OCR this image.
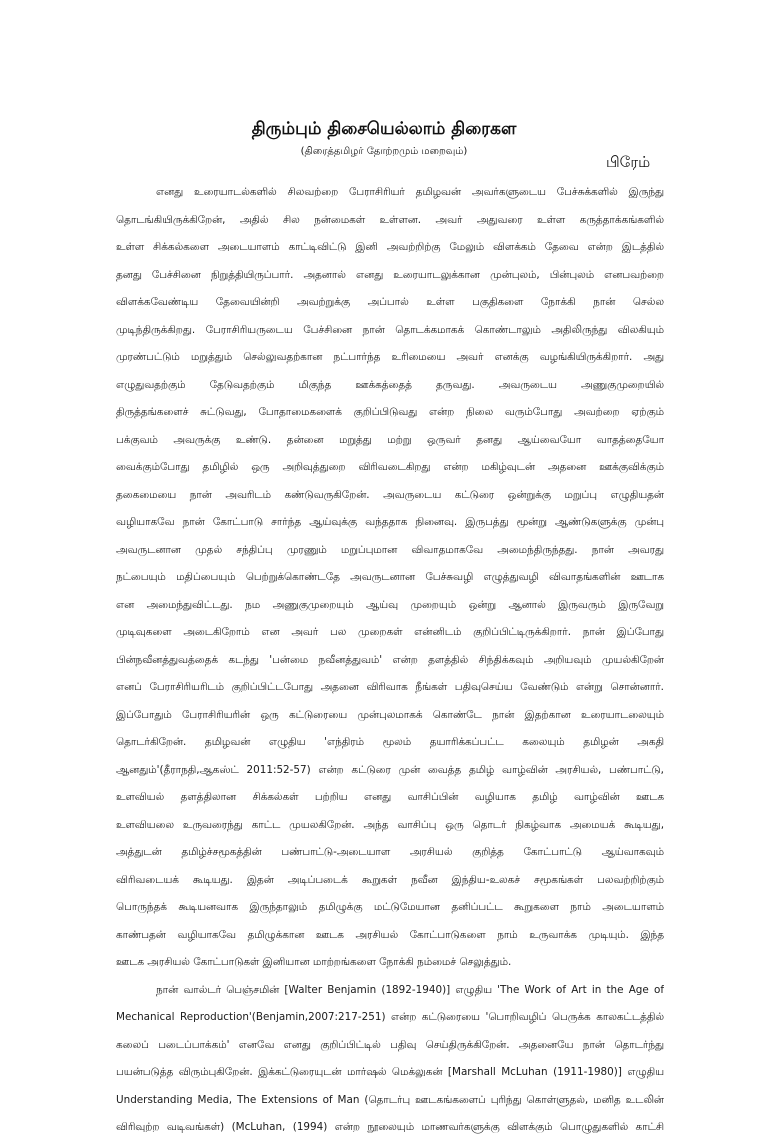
திரும்பும் திசையெல்லாம் திரைகள
(திரைத்தமிழர் தோற்றமும் மறைவும்)
பிரேம்
எனது உரையாடல்களில் சிலவற்றை பேராசிரியர் தமிழவன் அவர்களுடைய பேச்சுக்களில் இருந்து
தொடங்கியிருக்கிறேன், அதில் சில நன்மைகள் உள்ளன. அவர் அதுவரை உள்ள கருத்தாக்கங்களில்
உள்ள சிக்கல்களை அடையாளம் காட்டிவிட்டு இனி அவற்றிற்கு மேலும் விளக்கம் தேவை என்ற இடத்தில்
தனது பேச்சினை நிறுத்தியிருப்பார். அதனால் எனது உரையாடலுக்கான முன்புலம், பின்புலம் எனபவற்றை
விளக்கவேண்டிய தேவையின்றி அவற்றுக்கு அப்பால் உள்ள பகுதிகளை நோக்கி நான் செல்ல
முடிந்திருக்கிறது. பேராசிரியருடைய பேச்சினை நான் தொடக்கமாகக் கொண்டாலும் அதிலிருந்து விலகியும்
முரண்பட்டும் மறுத்தும் செல்லுவதற்கான நட்பார்ந்த உரிமையை அவர் எனக்கு வழங்கியிருக்கிறார். அது
எழுதுவதற்கும் தேடுவதற்கும் மிகுந்த ஊக்கத்தைத் தருவது. அவருடைய அணுகுமுறையில்
திருத்தங்களைச் சுட்டுவது, போதாமைகளைக் குறிப்பிடுவது என்ற நிலை வரும்போது அவற்றை ஏற்கும்
பக்குவம் அவருக்கு உண்டு. தன்னை மறுத்து மற்று ஒருவர் தனது ஆய்வையோ வாதத்தையோ
வைக்கும்போது தமிழில் ஒரு அறிவுத்துறை விரிவடைகிறது என்ற மகிழ்வுடன் அதனை ஊக்குவிக்கும்
தகைமையை நான் அவரிடம் கண்டுவருகிறேன். அவருடைய கட்டுரை ஒன்றுக்கு மறுப்பு எழுதியதன்
வழியாகவே நான் கோட்பாடு சார்ந்த ஆய்வுக்கு வந்ததாக நினைவு. இருபத்து மூன்று ஆண்டுகளுக்கு முன்பு
அவருடனான முதல் சந்திப்பு முரணும் மறுப்புமான விவாதமாகவே அமைந்திருந்தது. நான் அவரது
நட்பையும் மதிப்பையும் பெற்றுக்கொண்டதே அவருடனான பேச்சுவழி எழுத்துவழி விவாதங்களின் ஊடாக
என அமைந்துவிட்டது. நம அணுகுமுறையும் ஆய்வு முறையும் ஒன்று ஆனால் இருவரும் இருவேறு
முடிவுகளை அடைகிறோம் என அவர் பல முறைகள் என்னிடம் குறிப்பிட்டிருக்கிறார். நான் இப்போது
பின்நவீனத்துவத்தைக் கடந்து 'பன்மை நவீனத்துவம்' என்ற தளத்தில் சிந்திக்கவும் அறியவும் முயல்கிறேன்
எனப் பேராசிரியரிடம் குறிப்பிட்டபோது அதனை விரிவாக நீங்கள் பதிவுசெய்ய வேண்டும் என்று சொன்னார்.
இப்போதும் பேராசிரியரின் ஒரு கட்டுரையை முன்புலமாகக் கொண்டே நான் இதற்கான உரையாடலையும்
தொடர்கிறேன். தமிழவன் எழுதிய 'எந்திரம் மூலம் தயாரிக்கப்பட்ட கலையும் தமிழன் அகதி
ஆனதும்'(தீராநதி,ஆகஸ்ட் 2011:52-57) என்ற கட்டுரை முன் வைத்த தமிழ் வாழ்வின் அரசியல், பண்பாட்டு,
உளவியல் தளத்திலான சிக்கல்கள் பற்றிய எனது வாசிப்பின் வழியாக தமிழ் வாழ்வின் ஊடக
உளவியலை உருவரைந்து காட்ட முயலகிறேன். அந்த வாசிப்பு ஒரு தொடர் நிகழ்வாக அமையக் கூடியது,
அத்துடன் தமிழ்ச்சமூகத்தின் பண்பாட்டு-அடையாள அரசியல் குறித்த கோட்பாட்டு ஆய்வாகவும்
விரிவடையக் கூடியது. இதன் அடிப்படைக் கூறுகள் நவீன இந்திய-உலகச் சமூகங்கள் பலவற்றிற்கும்
பொருந்தக் கூடியனவாக இருந்தாலும் தமிழுக்கு மட்டுமேயான தனிப்பட்ட கூறுகளை நாம் அடையாளம்
காண்பதன் வழியாகவே தமிழுக்கான ஊடக அரசியல் கோட்பாடுகளை நாம் உருவாக்க முடியும். இந்த
ஊடக அரசியல் கோட்பாடுகள் இனியான மாற்றங்களை நோக்கி நம்மைச் செலுத்தும்.
நான் வால்டர் பெஞ்சமின் [Walter Benjamin (1892-1940)] எழுதிய 'The Work of Art in the Age of
Mechanical Reproduction'(Benjamin,2007:217-251) என்ற கட்டுரையை 'பொறிவழிப் பெருக்க காலகட்டத்தில்
கலைப் படைப்பாக்கம்' எனவே எனது குறிப்பிட்டில் பதிவு செய்திருக்கிறேன். அதனையே நான் தொடர்ந்து
பயன்படுத்த விரும்புகிறேன். இக்கட்டுரையுடன் மார்ஷல் மெக்லுகன் [Marshall McLuhan (1911-1980)] எழுதிய
Understanding Media, The Extensions of Man (தொடர்பு ஊடகங்களைப் புரிந்து கொள்ளுதல், மனித உடலின்
விரிவுற்ற வடிவங்கள்) (McLuhan, (1994) என்ற நூலையும் மாணவர்களுக்கு விளக்கும் பொழுதுகளில் காட்சி
